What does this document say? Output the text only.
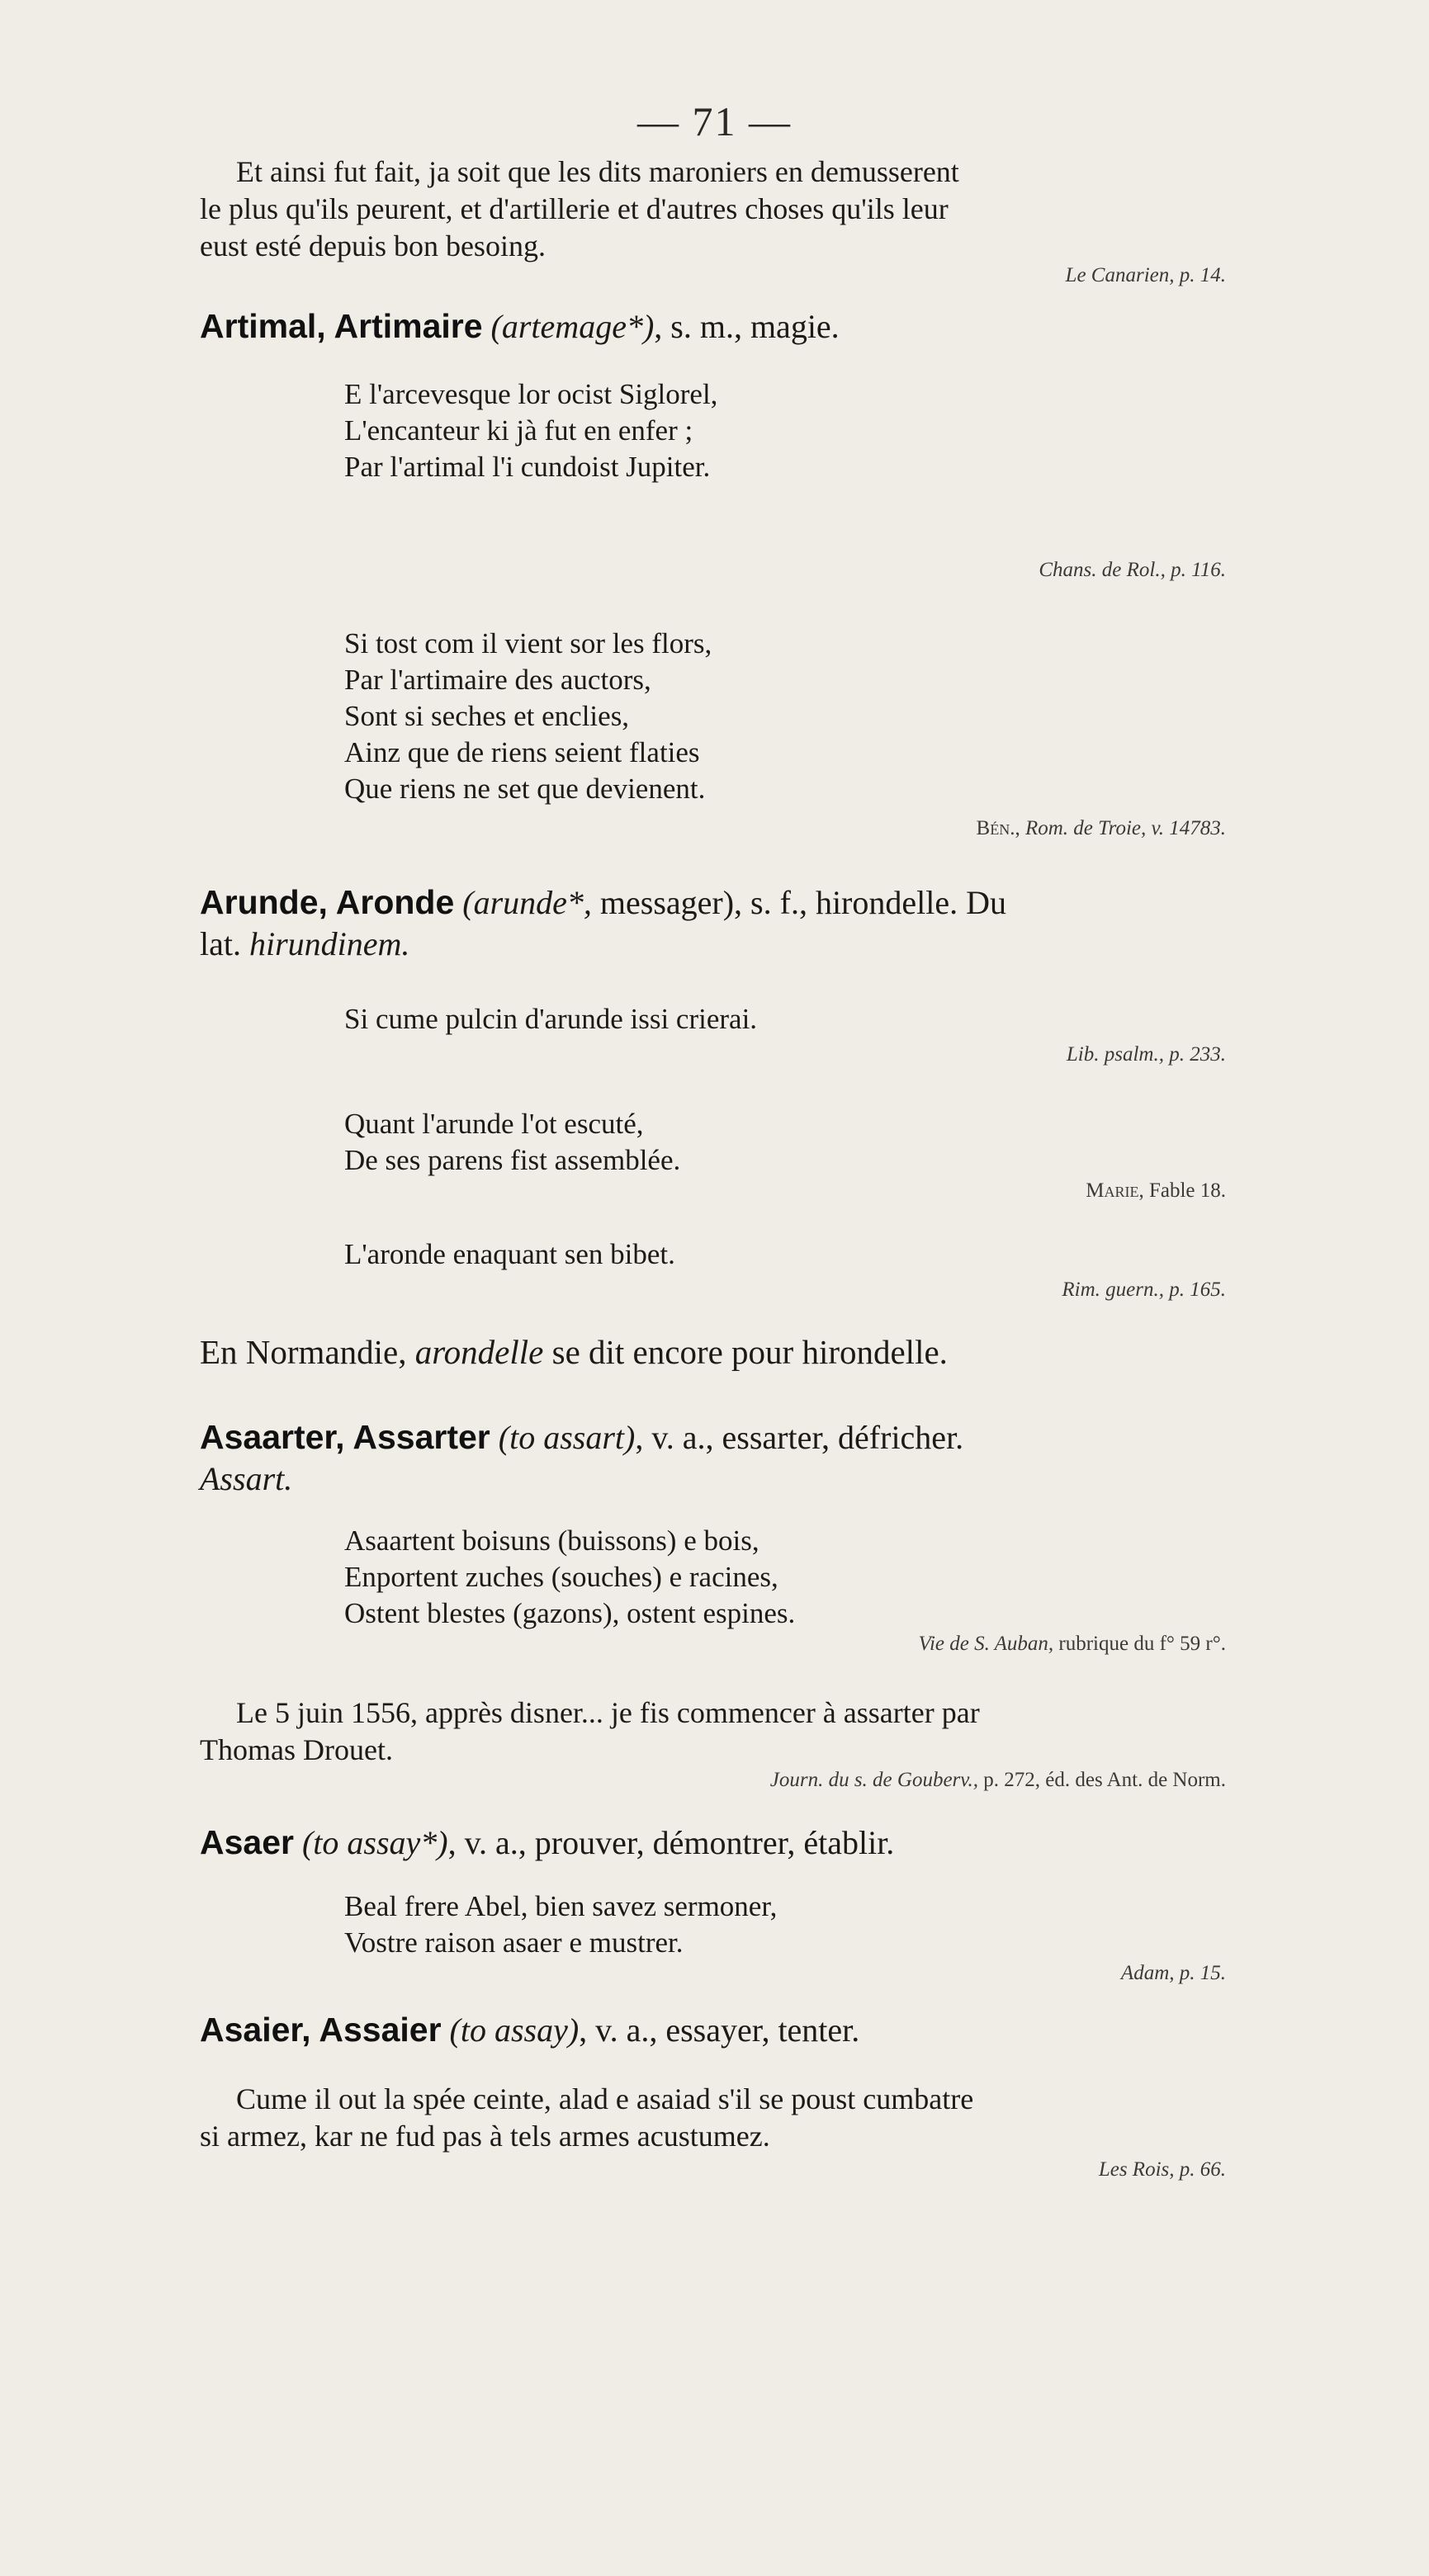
— 71 —
Et ainsi fut fait, ja soit que les dits maroniers en demusserent
le plus qu'ils peurent, et d'artillerie et d'autres choses qu'ils leur
eust esté depuis bon besoing.
Le Canarien, p. 14.
Artimal, Artimaire (artemage*), s. m., magie.
E l'arcevesque lor ocist Siglorel,
L'encanteur ki jà fut en enfer ;
Par l'artimal l'i cundoist Jupiter.
Chans. de Rol., p. 116.
Si tost com il vient sor les flors,
Par l'artimaire des auctors,
Sont si seches et enclies,
Ainz que de riens seient flaties
Que riens ne set que devienent.
Bén., Rom. de Troie, v. 14783.
Arunde, Aronde (arunde*, messager), s. f., hirondelle. Du
lat. hirundinem.
Si cume pulcin d'arunde issi crierai.
Lib. psalm., p. 233.
Quant l'arunde l'ot escuté,
De ses parens fist assemblée.
Marie, Fable 18.
L'aronde enaquant sen bibet.
Rim. guern., p. 165.
En Normandie, arondelle se dit encore pour hirondelle.
Asaarter, Assarter (to assart), v. a., essarter, défricher.
Assart.
Asaartent boisuns (buissons) e bois,
Enportent zuches (souches) e racines,
Ostent blestes (gazons), ostent espines.
Vie de S. Auban, rubrique du f° 59 r°.
Le 5 juin 1556, apprès disner... je fis commencer à assarter par
Thomas Drouet.
Journ. du s. de Gouberv., p. 272, éd. des Ant. de Norm.
Asaer (to assay*), v. a., prouver, démontrer, établir.
Beal frere Abel, bien savez sermoner,
Vostre raison asaer e mustrer.
Adam, p. 15.
Asaier, Assaier (to assay), v. a., essayer, tenter.
Cume il out la spée ceinte, alad e asaiad s'il se poust cumbatre
si armez, kar ne fud pas à tels armes acustumez.
Les Rois, p. 66.
